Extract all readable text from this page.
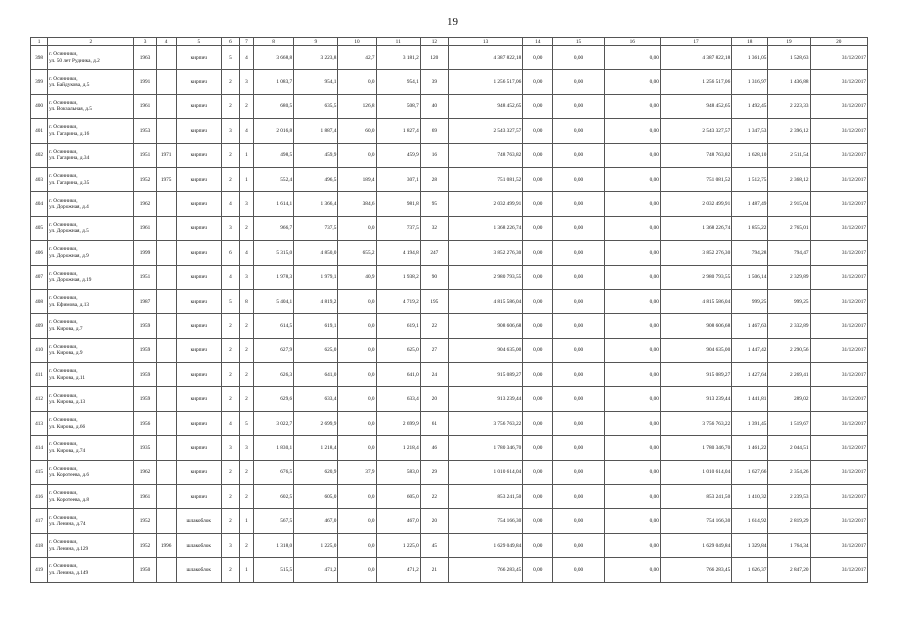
19
1	2	3	4	5	6	7	8	9	10	11	12	13	14	15	16	17	18	19	20
398	г. Осинники,
ул. 50 лет Рудника, д.2	1963		кирпич	5	4	3 668,8	3 223,8	42,7	3 181,2	120	4 387 822,18	0,00	0,00	0,00	4 387 822,18	1 361,05	1 528,63	31/12/2017
399	г. Осинники,
ул. Байдукова, д.5	1991		кирпич	2	3	1 083,7	954,1	0,0	954,1	39	1 256 517,06	0,00	0,00	0,00	1 256 517,06	1 316,97	1 436,88	31/12/2017
400	г. Осинники,
ул. Вокзальная, д.5	1961		кирпич	2	2	680,5	635,5	126,8	508,7	40	948 452,65	0,00	0,00	0,00	948 452,65	1 492,45	2 223,33	31/12/2017
401	г. Осинники,
ул. Гагарина, д.16	1953		кирпич	3	4	2 016,8	1 887,4	60,0	1 827,4	69	2 543 327,57	0,00	0,00	0,00	2 543 327,57	1 347,53	2 396,12	31/12/2017
402	г. Осинники,
ул. Гагарина, д.34	1951	1971	кирпич	2	1	498,5	459,9	0,0	459,9	16	748 763,82	0,00	0,00	0,00	748 763,82	1 628,10	2 511,54	31/12/2017
403	г. Осинники,
ул. Гагарина, д.35	1952	1975	кирпич	2	1	552,4	496,5	189,4	307,1	28	751 081,52	0,00	0,00	0,00	751 081,52	1 512,75	2 368,12	31/12/2017
404	г. Осинники,
ул. Дорожная, д.4	1962		кирпич	4	3	1 614,1	1 366,4	384,6	981,8	95	2 032 499,91	0,00	0,00	0,00	2 032 499,91	1 487,49	2 915,04	31/12/2017
405	г. Осинники,
ул. Дорожная, д.5	1961		кирпич	3	2	966,7	737,5	0,0	737,5	32	1 368 226,74	0,00	0,00	0,00	1 368 226,74	1 855,22	2 765,01	31/12/2017
406	г. Осинники,
ул. Дорожная, д.9	1999		кирпич	6	4	5 315,0	4 850,0	655,2	4 194,8	247	3 852 276,30	0,00	0,00	0,00	3 852 276,30	794,28	794,47	31/12/2017
407	г. Осинники,
ул. Дорожная, д.19	1951		кирпич	4	3	1 978,3	1 979,1	40,9	1 938,2	90	2 980 793,55	0,00	0,00	0,00	2 980 793,55	1 506,14	2 329,89	31/12/2017
408	г. Осинники,
ул. Ефимова, д.13	1987		кирпич	5	8	5 404,1	4 819,2	0,0	4 719,2	195	4 815 586,04	0,00	0,00	0,00	4 815 586,04	999,25	999,25	31/12/2017
409	г. Осинники,
ул. Кирова, д.7	1959		кирпич	2	2	614,5	619,1	0,0	619,1	22	908 606,68	0,00	0,00	0,00	908 606,68	1 467,63	2 332,89	31/12/2017
410	г. Осинники,
ул. Кирова, д.9	1959		кирпич	2	2	627,9	625,0	0,0	625,0	27	904 635,00	0,00	0,00	0,00	904 635,00	1 447,42	2 290,56	31/12/2017
411	г. Осинники,
ул. Кирова, д.11	1959		кирпич	2	2	626,3	641,0	0,0	641,0	24	915 089,27	0,00	0,00	0,00	915 089,27	1 427,64	2 269,41	31/12/2017
412	г. Осинники,
ул. Кирова, д.13	1959		кирпич	2	2	629,6	633,4	0,0	633,4	20	913 239,44	0,00	0,00	0,00	913 239,44	1 441,81	289,02	31/12/2017
413	г. Осинники,
ул. Кирова, д.66	1956		кирпич	4	5	3 022,7	2 699,9	0,0	2 699,9	61	3 756 763,22	0,00	0,00	0,00	3 756 763,22	1 391,45	1 519,67	31/12/2017
414	г. Осинники,
ул. Кирова, д.74	1935		кирпич	3	3	1 830,1	1 218,4	0,0	1 218,4	46	1 780 346,70	0,00	0,00	0,00	1 780 346,70	1 461,22	2 044,51	31/12/2017
415	г. Осинники,
ул. Коротеева, д.6	1962		кирпич	2	2	676,5	620,9	37,9	583,0	29	1 010 614,04	0,00	0,00	0,00	1 010 614,04	1 627,66	2 354,26	31/12/2017
416	г. Осинники,
ул. Коротеева, д.8	1961		кирпич	2	2	602,5	605,0	0,0	605,0	22	853 241,50	0,00	0,00	0,00	853 241,50	1 410,32	2 239,53	31/12/2017
417	г. Осинники,
ул. Ленина, д.74	1952		шлакоблок	2	1	567,5	467,0	0,0	467,0	20	754 166,30	0,00	0,00	0,00	754 166,30	1 614,92	2 819,29	31/12/2017
418	г. Осинники,
ул. Ленина, д.129	1952	1996	шлакоблок	3	2	1 318,0	1 225,0	0,0	1 225,0	45	1 629 049,84	0,00	0,00	0,00	1 629 049,84	1 329,84	1 764,34	31/12/2017
419	г. Осинники,
ул. Ленина, д.149	1950		шлакоблок	2	1	515,5	471,2	0,0	471,2	21	766 283,45	0,00	0,00	0,00	766 283,45	1 626,37	2 847,20	31/12/2017
